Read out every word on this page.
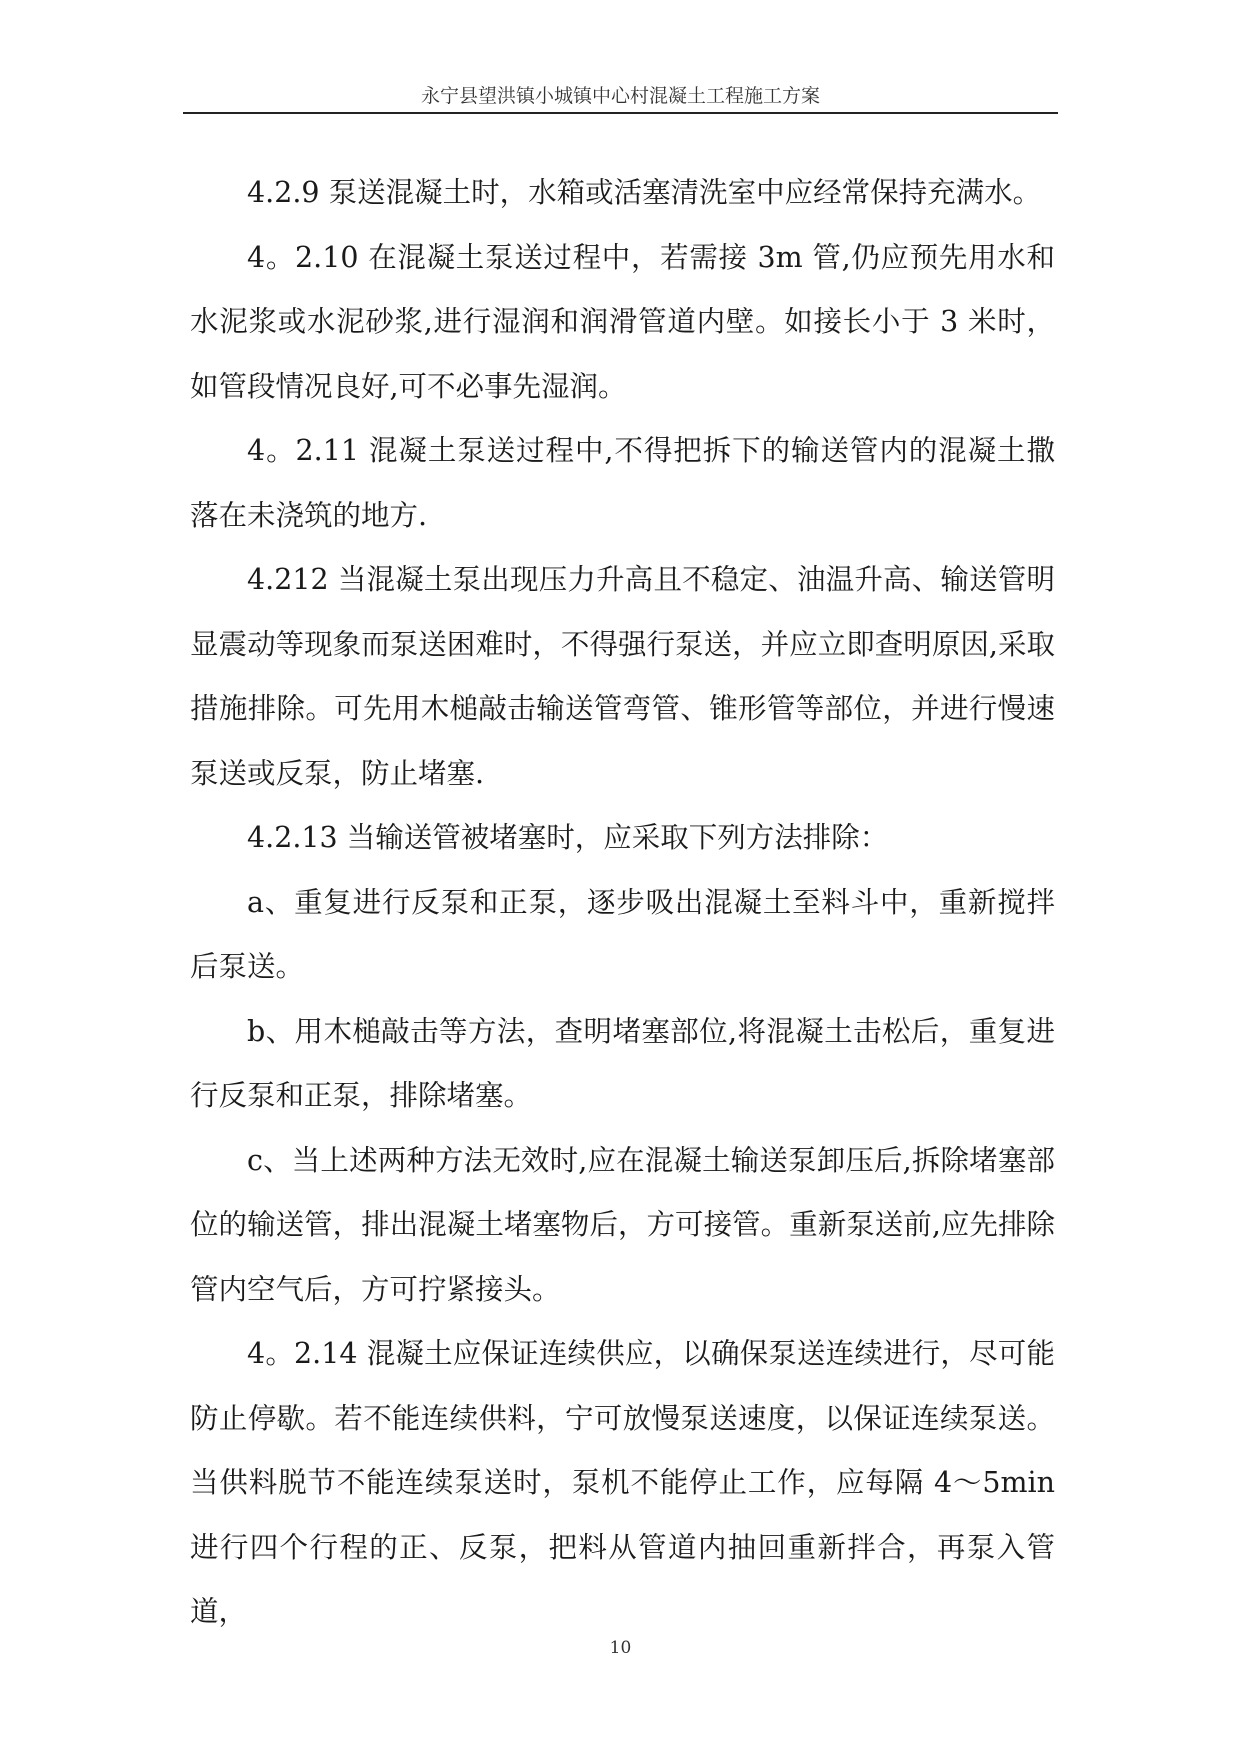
永宁县望洪镇小城镇中心村混凝土工程施工方案

4.2.9 泵送混凝土时，水箱或活塞清洗室中应经常保持充满水。

4。2.10 在混凝土泵送过程中，若需接 3m 管,仍应预先用水和水泥浆或水泥砂浆,进行湿润和润滑管道内壁。如接长小于 3 米时，如管段情况良好,可不必事先湿润。

4。2.11 混凝土泵送过程中,不得把拆下的输送管内的混凝土撒落在未浇筑的地方.

4.212 当混凝土泵出现压力升高且不稳定、油温升高、输送管明显震动等现象而泵送困难时，不得强行泵送，并应立即查明原因,采取措施排除。可先用木槌敲击输送管弯管、锥形管等部位，并进行慢速泵送或反泵，防止堵塞.

4.2.13 当输送管被堵塞时，应采取下列方法排除：

a、重复进行反泵和正泵，逐步吸出混凝土至料斗中，重新搅拌后泵送。

b、用木槌敲击等方法，查明堵塞部位,将混凝土击松后，重复进行反泵和正泵，排除堵塞。

c、当上述两种方法无效时,应在混凝土输送泵卸压后,拆除堵塞部位的输送管，排出混凝土堵塞物后，方可接管。重新泵送前,应先排除管内空气后，方可拧紧接头。

4。2.14 混凝土应保证连续供应，以确保泵送连续进行，尽可能防止停歇。若不能连续供料，宁可放慢泵送速度，以保证连续泵送。当供料脱节不能连续泵送时，泵机不能停止工作，应每隔 4～5min 进行四个行程的正、反泵，把料从管道内抽回重新拌合，再泵入管道，

10
